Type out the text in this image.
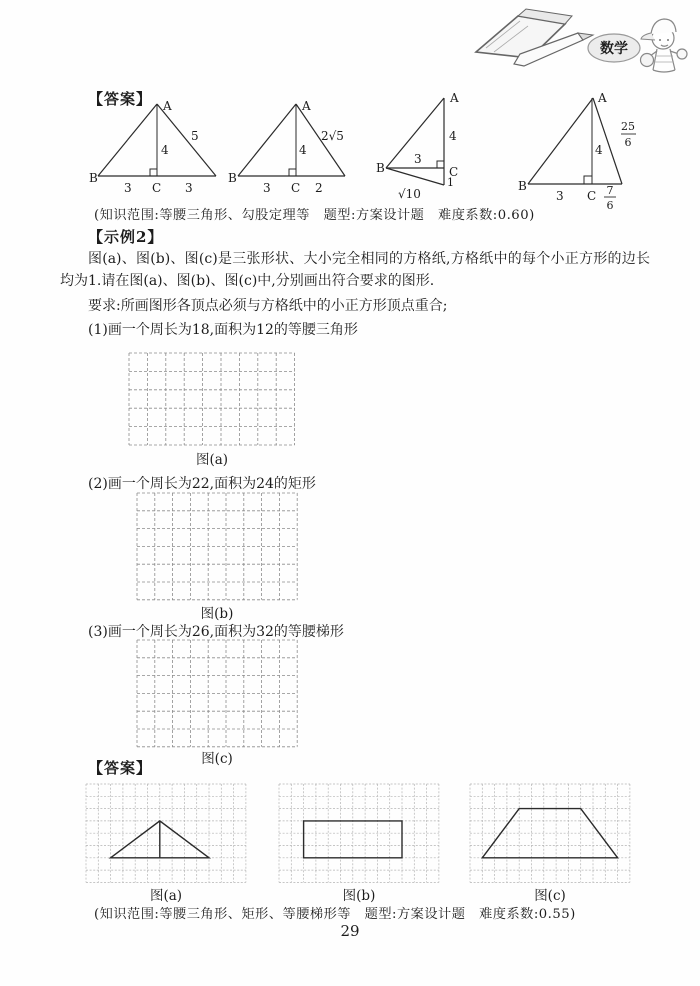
数学
【答案】 A
4
5
B
3 C 3
A
4
2√5
B
3 C 2
A
4
3
B	C
1
√10
A
4
25
6
B
3 C 7
6
(知识范围:等腰三角形、勾股定理等　题型:方案设计题　难度系数:0.60)
【示例2】
图(a)、图(b)、图(c)是三张形状、大小完全相同的方格纸,方格纸中的每个小正方形的边长均为1.请在图(a)、图(b)、图(c)中,分别画出符合要求的图形.
要求:所画图形各顶点必须与方格纸中的小正方形顶点重合;
(1)画一个周长为18,面积为12的等腰三角形
图(a)
(2)画一个周长为22,面积为24的矩形
图(b)
(3)画一个周长为26,面积为32的等腰梯形
图(c)
【答案】
图(a)	图(b)	图(c)
(知识范围:等腰三角形、矩形、等腰梯形等　题型:方案设计题　难度系数:0.55)
29
